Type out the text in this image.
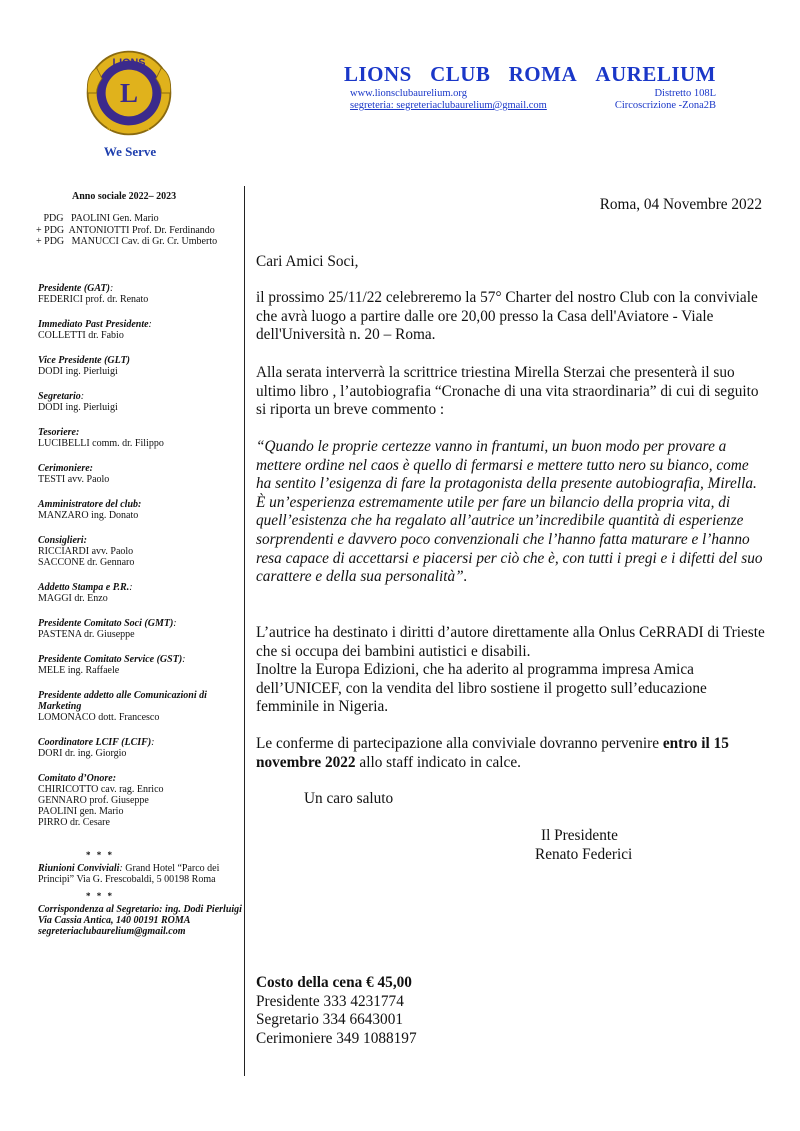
LIONS
L
INTERNATIONAL
We Serve
LIONS CLUB ROMA AURELIUM
www.lionsclubaurelium.org	Distretto 108L
segreteria: segreteriaclubaurelium@gmail.com	Circoscrizione -Zona2B
Anno sociale 2022– 2023
PDG   PAOLINI Gen. Mario
+ PDG  ANTONIOTTI Prof. Dr. Ferdinando
+ PDG   MANUCCI Cav. di Gr. Cr. Umberto
Presidente (GAT):
FEDERICI prof. dr. Renato
Immediato Past Presidente:
COLLETTI dr. Fabio
Vice Presidente (GLT)
DODI ing. Pierluigi
Segretario:
DODI ing. Pierluigi
Tesoriere:
LUCIBELLI comm. dr. Filippo
Cerimoniere:
TESTI avv. Paolo
Amministratore del club:
MANZARO ing. Donato
Consiglieri:
RICCIARDI avv. Paolo
SACCONE dr. Gennaro
Addetto Stampa e P.R.:
MAGGI dr. Enzo
Presidente Comitato Soci (GMT):
PASTENA dr. Giuseppe
Presidente Comitato Service (GST):
MELE ing. Raffaele
Presidente addetto alle Comunicazioni di Marketing
LOMONACO dott. Francesco
Coordinatore LCIF (LCIF):
DORI dr. ing. Giorgio
Comitato d’Onore:
CHIRICOTTO cav. rag. Enrico
GENNARO prof. Giuseppe
PAOLINI gen. Mario
PIRRO dr. Cesare
* * *
Riunioni Conviviali: Grand Hotel “Parco dei Principi” Via G. Frescobaldi, 5 00198 Roma
* * *
Corrispondenza al Segretario: ing. Dodi Pierluigi Via Cassia Antica, 140 00191 ROMA segreteriaclubaurelium@gmail.com
Roma, 04 Novembre 2022
Cari Amici Soci,
il prossimo 25/11/22 celebreremo la 57° Charter del nostro Club con la conviviale che avrà luogo a partire dalle ore 20,00 presso la Casa dell'Aviatore - Viale dell'Università n. 20 – Roma.
Alla serata interverrà la scrittrice triestina Mirella Sterzai che presenterà il suo ultimo libro , l’autobiografia “Cronache di una vita straordinaria” di cui di seguito si riporta un breve commento :
“Quando le proprie certezze vanno in frantumi, un buon modo per provare a mettere ordine nel caos è quello di fermarsi e mettere tutto nero su bianco, come ha sentito l’esigenza di fare la protagonista della presente autobiografia, Mirella. È un’esperienza estremamente utile per fare un bilancio della propria vita, di quell’esistenza che ha regalato all’autrice un’incredibile quantità di esperienze sorprendenti e davvero poco convenzionali che l’hanno fatta maturare e l’hanno resa capace di accettarsi e piacersi per ciò che è, con tutti i pregi e i difetti del suo carattere e della sua personalità”.
L’autrice ha destinato i diritti d’autore direttamente alla Onlus CeRRADI di Trieste che si occupa dei bambini autistici e disabili.
Inoltre la Europa Edizioni, che ha aderito al programma impresa Amica dell’UNICEF, con la vendita del libro sostiene il progetto sull’educazione femminile in Nigeria.
Le conferme di partecipazione alla conviviale dovranno pervenire entro il 15 novembre 2022 allo staff indicato in calce.
Un caro saluto
Il Presidente
Renato Federici
Costo della cena € 45,00
Presidente 333 4231774
Segretario 334 6643001
Cerimoniere 349 1088197
